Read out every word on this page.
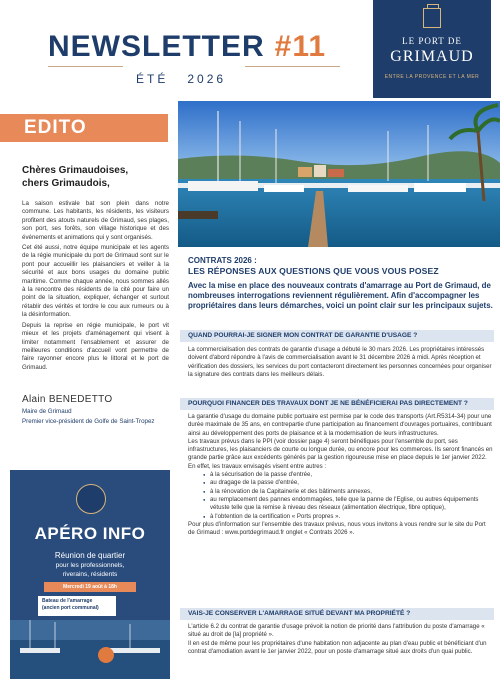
NEWSLETTER #11
ÉTÉ   2026
LE PORT DE
GRIMAUD
ENTRE LA PROVENCE ET LA MER
EDITO
Chères Grimaudoises,
chers Grimaudois,

La saison estivale bat son plein dans notre commune. Les habitants, les résidents, les visiteurs profitent des atouts naturels de Grimaud, ses plages, son port, ses forêts, son village historique et des événements et animations qui y sont organisés.

Cet été aussi, notre équipe municipale et les agents de la régie municipale du port de Grimaud sont sur le pont pour accueillir les plaisanciers et veiller à la sécurité et aux bons usages du domaine public maritime. Comme chaque année, nous sommes allés à la rencontre des résidents de la cité pour faire un point de la situation, expliquer, échanger et surtout rétablir des vérités et tordre le cou aux rumeurs ou à la désinformation.

Depuis la reprise en régie municipale, le port vit mieux et les projets d'aménagement qui visent à limiter notamment l'ensablement et assurer de meilleures conditions d'accueil vont permettre de faire rayonner encore plus le littoral et le port de Grimaud.

Alain BENEDETTO
Maire de Grimaud
Premier vice-président de Golfe de Saint-Tropez
APÉRO INFO
Réunion de quartier
pour les professionnels,
riverains, résidents
Mercredi 19 août à 18h
Bateau de l'amarrage
(ancien port communal)
CONTRATS 2026 :
LES RÉPONSES AUX QUESTIONS QUE VOUS VOUS POSEZ
Avec la mise en place des nouveaux contrats d'amarrage au Port de Grimaud, de nombreuses interrogations reviennent régulièrement. Afin d'accompagner les propriétaires dans leurs démarches, voici un point clair sur les principaux sujets.
QUAND POURRAI-JE SIGNER MON CONTRAT DE GARANTIE D'USAGE ?
La commercialisation des contrats de garantie d'usage a débuté le 30 mars 2026. Les propriétaires intéressés doivent d'abord répondre à l'avis de commercialisation avant le 31 décembre 2026 à midi. Après réception et vérification des dossiers, les services du port contacteront directement les personnes concernées pour organiser la signature des contrats dans les meilleurs délais.
POURQUOI FINANCER DES TRAVAUX DONT JE NE BÉNÉFICIERAI PAS DIRECTEMENT ?
La garantie d'usage du domaine public portuaire est permise par le code des transports (Art.R5314-34) pour une durée maximale de 35 ans, en contrepartie d'une participation au financement d'ouvrages portuaires, contribuant ainsi au développement des ports de plaisance et à la modernisation de leurs infrastructures.
Les travaux prévus dans le PPI (voir dossier page 4) seront bénéfiques pour l'ensemble du port, ses infrastructures, les plaisanciers de courte ou longue durée, ou encore pour les commerces. Ils seront financés en grande partie grâce aux excédents générés par la gestion rigoureuse mise en place depuis le 1er janvier 2022.
En effet, les travaux envisagés visent entre autres :
● à la sécurisation de la passe d'entrée,
● au dragage de la passe d'entrée,
● à la rénovation de la Capitainerie et des bâtiments annexes,
● au remplacement des pannes endommagées, telle que la panne de l'Eglise, ou autres équipements vétuste telle que la remise à niveau des réseaux (alimentation électrique, fibre optique),
● à l'obtention de la certification « Ports propres ».
Pour plus d'information sur l'ensemble des travaux prévus, nous vous invitons à vous rendre sur le site du Port de Grimaud : www.portdegrimaud.fr onglet « Contrats 2026 ».
VAIS-JE CONSERVER L'AMARRAGE SITUÉ DEVANT MA PROPRIÉTÉ ?
L'article 6.2 du contrat de garantie d'usage prévoit la notion de priorité dans l'attribution du poste d'amarrage « situé au droit de [la] propriété ».
Il en est de même pour les propriétaires d'une habitation non adjacente au plan d'eau public et bénéficiant d'un contrat d'amodiation avant le 1er janvier 2022, pour un poste d'amarrage situé aux droits d'un quai public.
